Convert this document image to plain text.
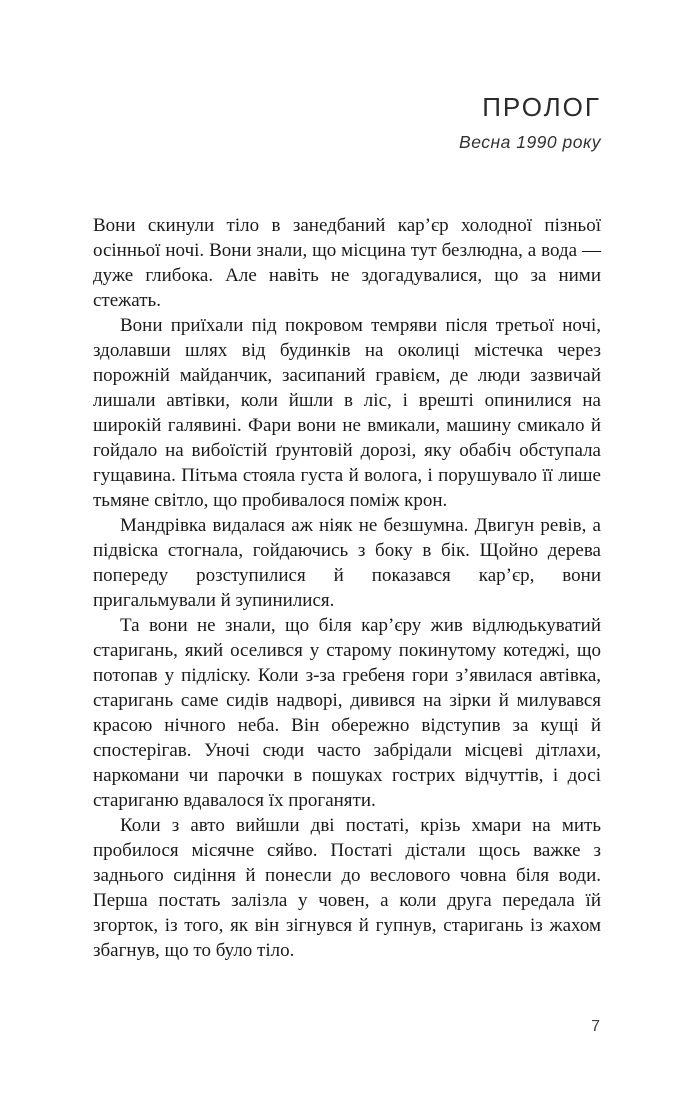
ПРОЛОГ

Весна 1990 року

Вони скинули тіло в занедбаний кар’єр холодної пізньої осінньої ночі. Вони знали, що місцина тут безлюдна, а вода — дуже глибока. Але навіть не здогадувалися, що за ними стежать.

Вони приїхали під покровом темряви після третьої ночі, здолавши шлях від будинків на околиці містечка через порожній майданчик, засипаний гравієм, де люди зазвичай лишали автівки, коли йшли в ліс, і врешті опинилися на широкій галявині. Фари вони не вмикали, машину смикало й гойдало на вибоїстій ґрунтовій дорозі, яку обабіч обступала гущавина. Пітьма стояла густа й волога, і порушувало її лише тьмяне світло, що пробивалося поміж крон.

Мандрівка видалася аж ніяк не безшумна. Двигун ревів, а підвіска стогнала, гойдаючись з боку в бік. Щойно дерева попереду розступилися й показався кар’єр, вони пригальмували й зупинилися.

Та вони не знали, що біля кар’єру жив відлюдькуватий старигань, який оселився у старому покинутому котеджі, що потопав у підліску. Коли з-за гребеня гори з’явилася автівка, старигань саме сидів надворі, дивився на зірки й милувався красою нічного неба. Він обережно відступив за кущі й спостерігав. Уночі сюди часто забрідали місцеві дітлахи, наркомани чи парочки в пошуках гострих відчуттів, і досі стариганю вдавалося їх проганяти.

Коли з авто вийшли дві постаті, крізь хмари на мить пробилося місячне сяйво. Постаті дістали щось важке з заднього сидіння й понесли до веслового човна біля води. Перша постать залізла у човен, а коли друга передала їй згорток, із того, як він зігнувся й гупнув, старигань із жахом збагнув, що то було тіло.

7
